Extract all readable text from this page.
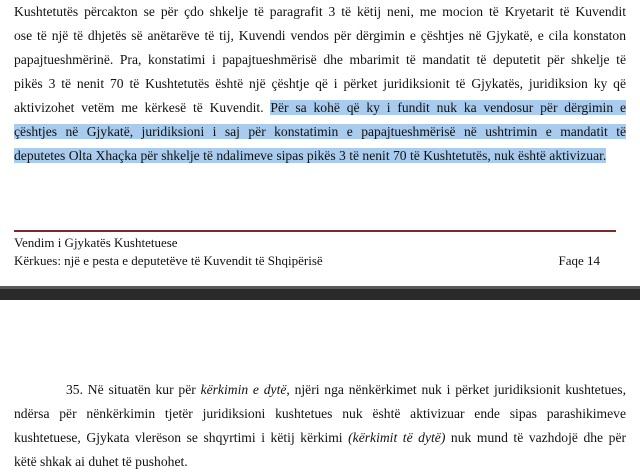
Kushtetutës përcakton se për çdo shkelje të paragrafit 3 të këtij neni, me mocion të Kryetarit të Kuvendit
ose të një të dhjetës së anëtarëve të tij, Kuvendi vendos për dërgimin e çështjes në Gjykatë, e cila konstaton
papajtueshmërinë. Pra, konstatimi i papajtueshmërisë dhe mbarimit të mandatit të deputetit për shkelje të
pikës 3 të nenit 70 të Kushtetutës është një çështje që i përket juridiksionit të Gjykatës, juridiksion ky që
aktivizohet vetëm me kërkesë të Kuvendit. Për sa kohë që ky i fundit nuk ka vendosur për dërgimin e
çështjes në Gjykatë, juridiksioni i saj për konstatimin e papajtueshmërisë në ushtrimin e mandatit të
deputetes Olta Xhaçka për shkelje të ndalimeve sipas pikës 3 të nenit 70 të Kushtetutës, nuk është aktivizuar.
Vendim i Gjykatës Kushtetuese
Kërkues: një e pesta e deputetëve të Kuvendit të Shqipërisë	Faqe 14
35. Në situatën kur për kërkimin e dytë, njëri nga nënkërkimet nuk i përket juridiksionit kushtetues,
ndërsa për nënkërkimin tjetër juridiksioni kushtetues nuk është aktivizuar ende sipas parashikimeve
kushtetuese, Gjykata vlerëson se shqyrtimi i këtij kërkimi (kërkimit të dytë) nuk mund të vazhdojë dhe për
këtë shkak ai duhet të pushohet.
